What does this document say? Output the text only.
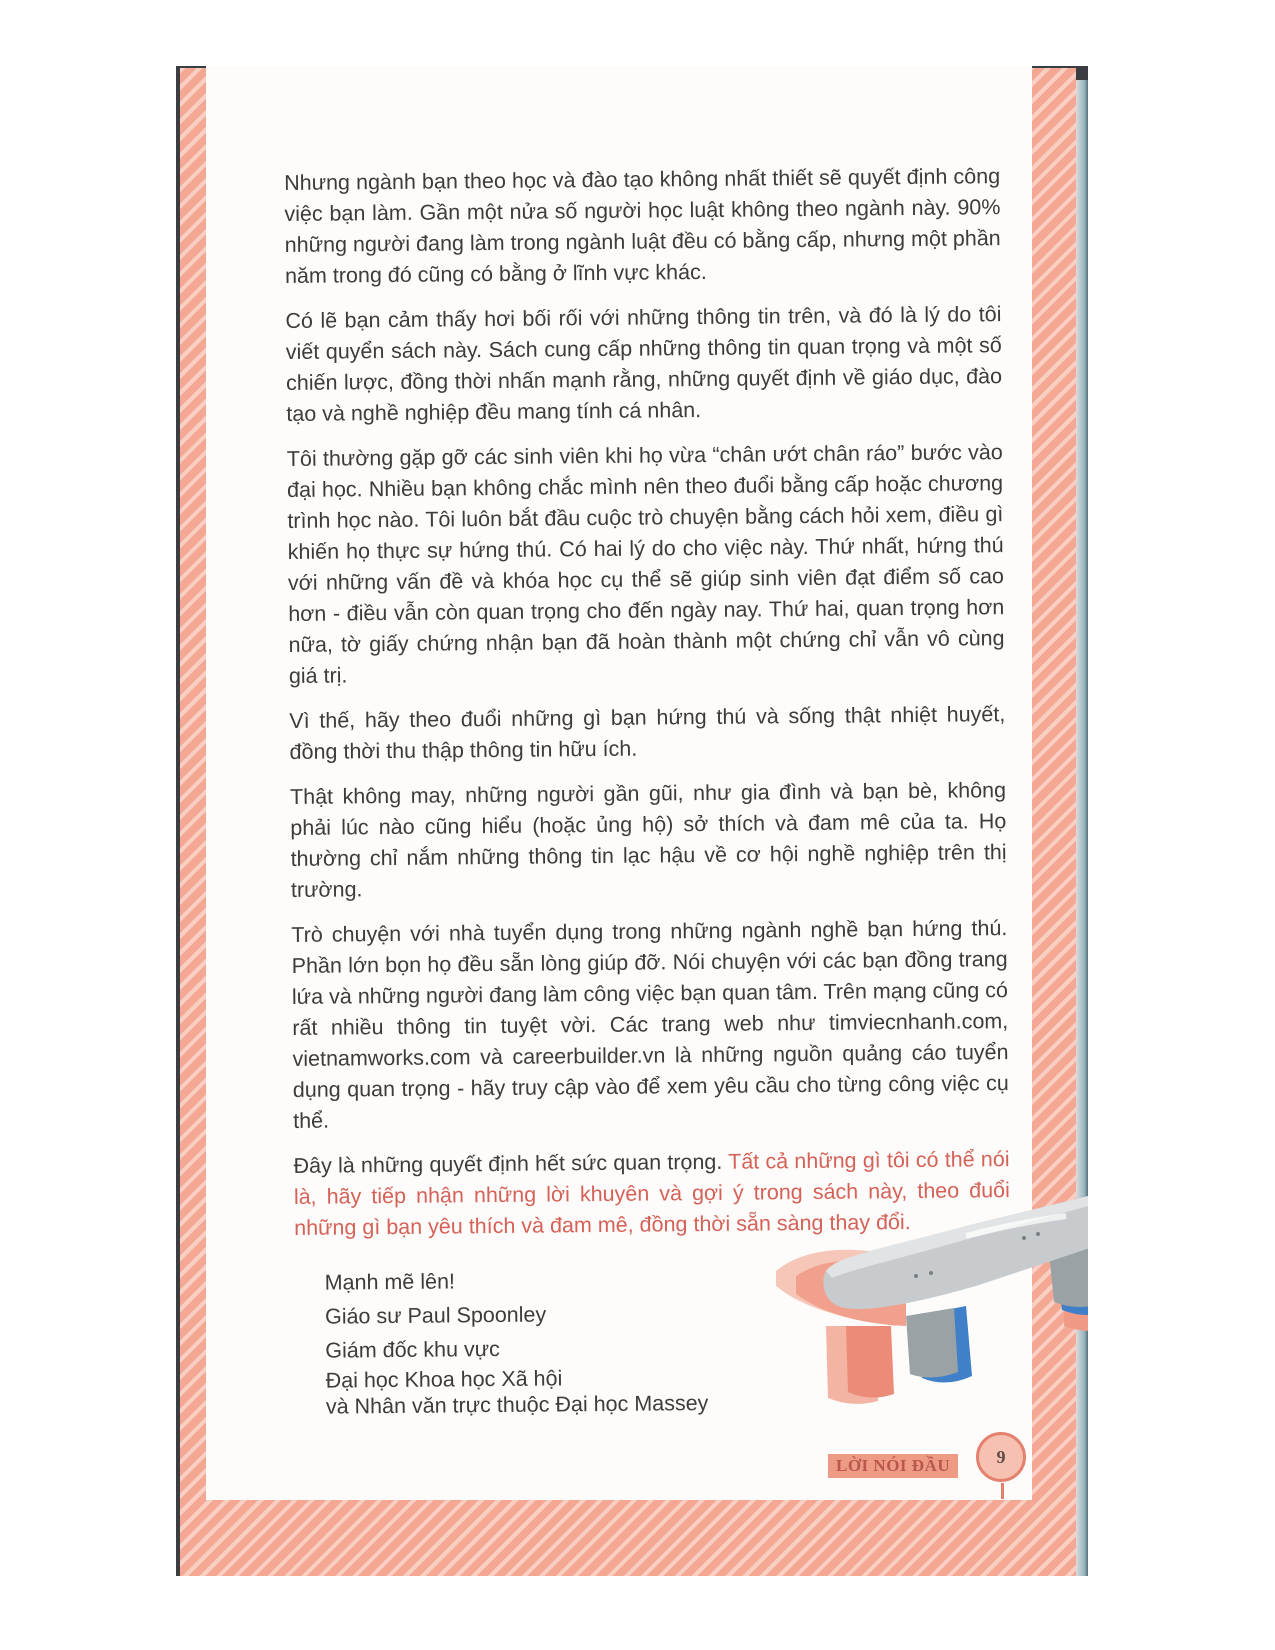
Nhưng ngành bạn theo học và đào tạo không nhất thiết sẽ quyết định công việc bạn làm. Gần một nửa số người học luật không theo ngành này. 90% những người đang làm trong ngành luật đều có bằng cấp, nhưng một phần năm trong đó cũng có bằng ở lĩnh vực khác.

Có lẽ bạn cảm thấy hơi bối rối với những thông tin trên, và đó là lý do tôi viết quyển sách này. Sách cung cấp những thông tin quan trọng và một số chiến lược, đồng thời nhấn mạnh rằng, những quyết định về giáo dục, đào tạo và nghề nghiệp đều mang tính cá nhân.

Tôi thường gặp gỡ các sinh viên khi họ vừa “chân ướt chân ráo” bước vào đại học. Nhiều bạn không chắc mình nên theo đuổi bằng cấp hoặc chương trình học nào. Tôi luôn bắt đầu cuộc trò chuyện bằng cách hỏi xem, điều gì khiến họ thực sự hứng thú. Có hai lý do cho việc này. Thứ nhất, hứng thú với những vấn đề và khóa học cụ thể sẽ giúp sinh viên đạt điểm số cao hơn - điều vẫn còn quan trọng cho đến ngày nay. Thứ hai, quan trọng hơn nữa, tờ giấy chứng nhận bạn đã hoàn thành một chứng chỉ vẫn vô cùng giá trị.

Vì thế, hãy theo đuổi những gì bạn hứng thú và sống thật nhiệt huyết, đồng thời thu thập thông tin hữu ích.

Thật không may, những người gần gũi, như gia đình và bạn bè, không phải lúc nào cũng hiểu (hoặc ủng hộ) sở thích và đam mê của ta. Họ thường chỉ nắm những thông tin lạc hậu về cơ hội nghề nghiệp trên thị trường.

Trò chuyện với nhà tuyển dụng trong những ngành nghề bạn hứng thú. Phần lớn bọn họ đều sẵn lòng giúp đỡ. Nói chuyện với các bạn đồng trang lứa và những người đang làm công việc bạn quan tâm. Trên mạng cũng có rất nhiều thông tin tuyệt vời. Các trang web như timviecnhanh.com, vietnamworks.com và careerbuilder.vn là những nguồn quảng cáo tuyển dụng quan trọng - hãy truy cập vào để xem yêu cầu cho từng công việc cụ thể.

Đây là những quyết định hết sức quan trọng. Tất cả những gì tôi có thể nói là, hãy tiếp nhận những lời khuyên và gợi ý trong sách này, theo đuổi những gì bạn yêu thích và đam mê, đồng thời sẵn sàng thay đổi.

Mạnh mẽ lên!
Giáo sư Paul Spoonley
Giám đốc khu vực
Đại học Khoa học Xã hội
và Nhân văn trực thuộc Đại học Massey
LỜI NÓI ĐẦU	9
